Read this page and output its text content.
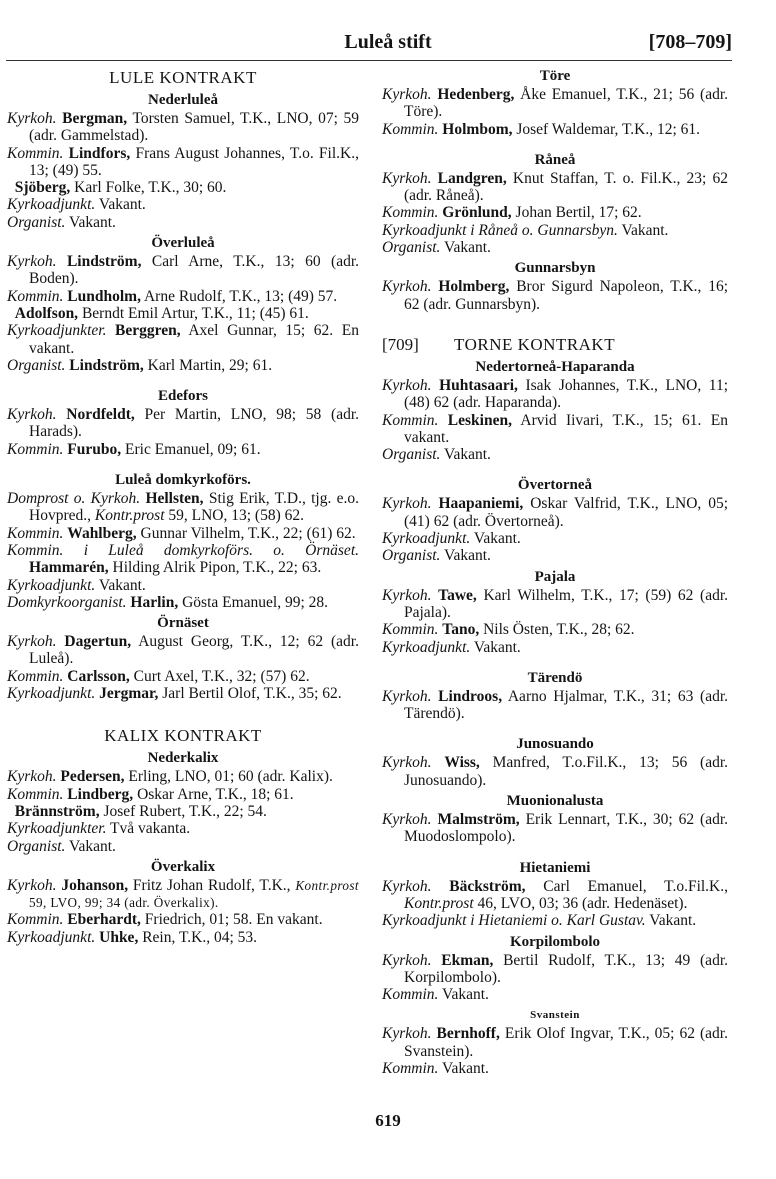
Luleå stift	[708–709]
LULE KONTRAKT
Nederluleå

Kyrkoh. Bergman, Torsten Samuel, T.K., LNO, 07; 59 (adr. Gammelstad).

Kommin. Lindfors, Frans August Johannes, T.o. Fil.K., 13; (49) 55.

 Sjöberg, Karl Folke, T.K., 30; 60.

Kyrkoadjunkt. Vakant.

Organist. Vakant.

Överluleå

Kyrkoh. Lindström, Carl Arne, T.K., 13; 60 (adr. Boden).

Kommin. Lundholm, Arne Rudolf, T.K., 13; (49) 57.

 Adolfson, Berndt Emil Artur, T.K., 11; (45) 61.

Kyrkoadjunkter. Berggren, Axel Gunnar, 15; 62. En vakant.

Organist. Lindström, Karl Martin, 29; 61.

Edefors

Kyrkoh. Nordfeldt, Per Martin, LNO, 98; 58 (adr. Harads).

Kommin. Furubo, Eric Emanuel, 09; 61.

Luleå domkyrkoförs.

Domprost o. Kyrkoh. Hellsten, Stig Erik, T.D., tjg. e.o. Hovpred., Kontr.prost 59, LNO, 13; (58) 62.

Kommin. Wahlberg, Gunnar Vilhelm, T.K., 22; (61) 62.

Kommin. i Luleå domkyrkoförs. o. Örnäset. Hammarén, Hilding Alrik Pipon, T.K., 22; 63.

Kyrkoadjunkt. Vakant.

Domkyrkoorganist. Harlin, Gösta Emanuel, 99; 28.

Örnäset

Kyrkoh. Dagertun, August Georg, T.K., 12; 62 (adr. Luleå).

Kommin. Carlsson, Curt Axel, T.K., 32; (57) 62.

Kyrkoadjunkt. Jergmar, Jarl Bertil Olof, T.K., 35; 62.

KALIX KONTRAKT
Nederkalix

Kyrkoh. Pedersen, Erling, LNO, 01; 60 (adr. Kalix).

Kommin. Lindberg, Oskar Arne, T.K., 18; 61.

 Brännström, Josef Rubert, T.K., 22; 54.

Kyrkoadjunkter. Två vakanta.

Organist. Vakant.

Överkalix

Kyrkoh. Johanson, Fritz Johan Rudolf, T.K., Kontr.prost 59, LVO, 99; 34 (adr. Överkalix).

Kommin. Eberhardt, Friedrich, 01; 58. En vakant.

Kyrkoadjunkt. Uhke, Rein, T.K., 04; 53.

Töre

Kyrkoh. Hedenberg, Åke Emanuel, T.K., 21; 56 (adr. Töre).

Kommin. Holmbom, Josef Waldemar, T.K., 12; 61.

Råneå

Kyrkoh. Landgren, Knut Staffan, T. o. Fil.K., 23; 62 (adr. Råneå).

Kommin. Grönlund, Johan Bertil, 17; 62.

Kyrkoadjunkt i Råneå o. Gunnarsbyn. Vakant.

Organist. Vakant.

Gunnarsbyn

Kyrkoh. Holmberg, Bror Sigurd Napoleon, T.K., 16; 62 (adr. Gunnarsbyn).

[709]	TORNE KONTRAKT
Nedertorneå-Haparanda

Kyrkoh. Huhtasaari, Isak Johannes, T.K., LNO, 11; (48) 62 (adr. Haparanda).

Kommin. Leskinen, Arvid Iivari, T.K., 15; 61. En vakant.

Organist. Vakant.

Övertorneå

Kyrkoh. Haapaniemi, Oskar Valfrid, T.K., LNO, 05; (41) 62 (adr. Övertorneå).

Kyrkoadjunkt. Vakant.

Organist. Vakant.

Pajala

Kyrkoh. Tawe, Karl Wilhelm, T.K., 17; (59) 62 (adr. Pajala).

Kommin. Tano, Nils Östen, T.K., 28; 62.

Kyrkoadjunkt. Vakant.

Tärendö

Kyrkoh. Lindroos, Aarno Hjalmar, T.K., 31; 63 (adr. Tärendö).

Junosuando

Kyrkoh. Wiss, Manfred, T.o.Fil.K., 13; 56 (adr. Junosuando).

Muonionalusta

Kyrkoh. Malmström, Erik Lennart, T.K., 30; 62 (adr. Muodoslompolo).

Hietaniemi

Kyrkoh. Bäckström, Carl Emanuel, T.o.Fil.K., Kontr.prost 46, LVO, 03; 36 (adr. Hedenäset).

Kyrkoadjunkt i Hietaniemi o. Karl Gustav. Vakant.

Korpilombolo

Kyrkoh. Ekman, Bertil Rudolf, T.K., 13; 49 (adr. Korpilombolo).

Kommin. Vakant.

Svanstein

Kyrkoh. Bernhoff, Erik Olof Ingvar, T.K., 05; 62 (adr. Svanstein).

Kommin. Vakant.

619
